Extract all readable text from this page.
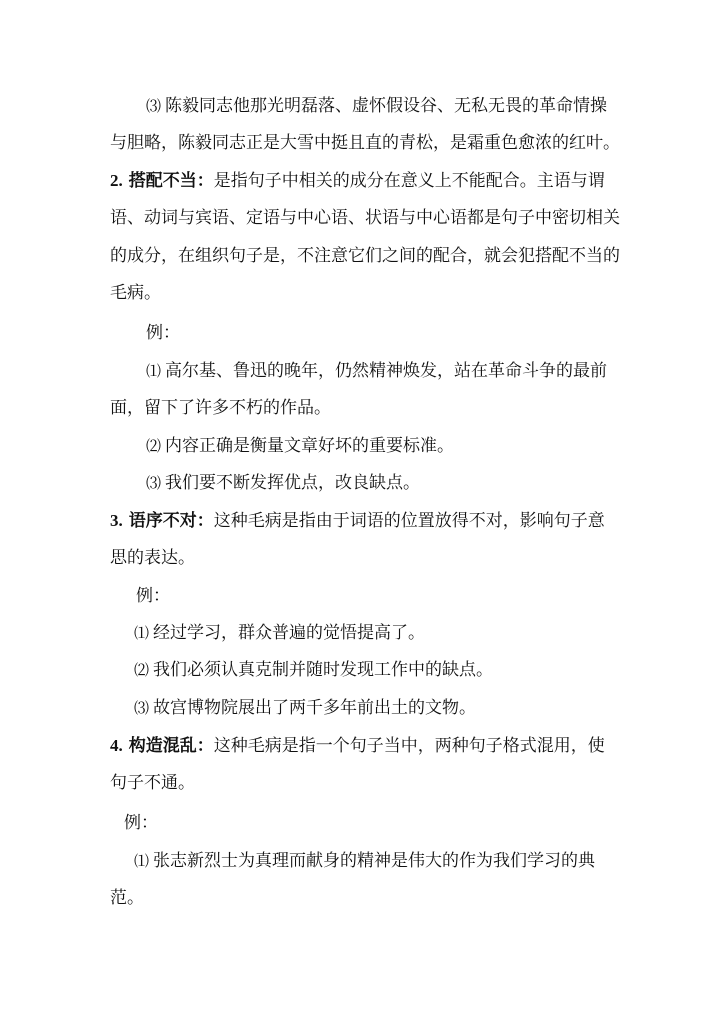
⑶ 陈毅同志他那光明磊落、虚怀假设谷、无私无畏的革命情操
与胆略，陈毅同志正是大雪中挺且直的青松，是霜重色愈浓的红叶。
2. 搭配不当：是指句子中相关的成分在意义上不能配合。主语与谓
语、动词与宾语、定语与中心语、状语与中心语都是句子中密切相关
的成分，在组织句子是，不注意它们之间的配合，就会犯搭配不当的
毛病。
例：
⑴ 高尔基、鲁迅的晚年，仍然精神焕发，站在革命斗争的最前
面，留下了许多不朽的作品。
⑵ 内容正确是衡量文章好坏的重要标准。
⑶ 我们要不断发挥优点，改良缺点。
3. 语序不对：这种毛病是指由于词语的位置放得不对，影响句子意
思的表达。
例：
⑴ 经过学习，群众普遍的觉悟提高了。
⑵ 我们必须认真克制并随时发现工作中的缺点。
⑶ 故宫博物院展出了两千多年前出土的文物。
4. 构造混乱：这种毛病是指一个句子当中，两种句子格式混用，使
句子不通。
例：
⑴ 张志新烈士为真理而献身的精神是伟大的作为我们学习的典
范。
